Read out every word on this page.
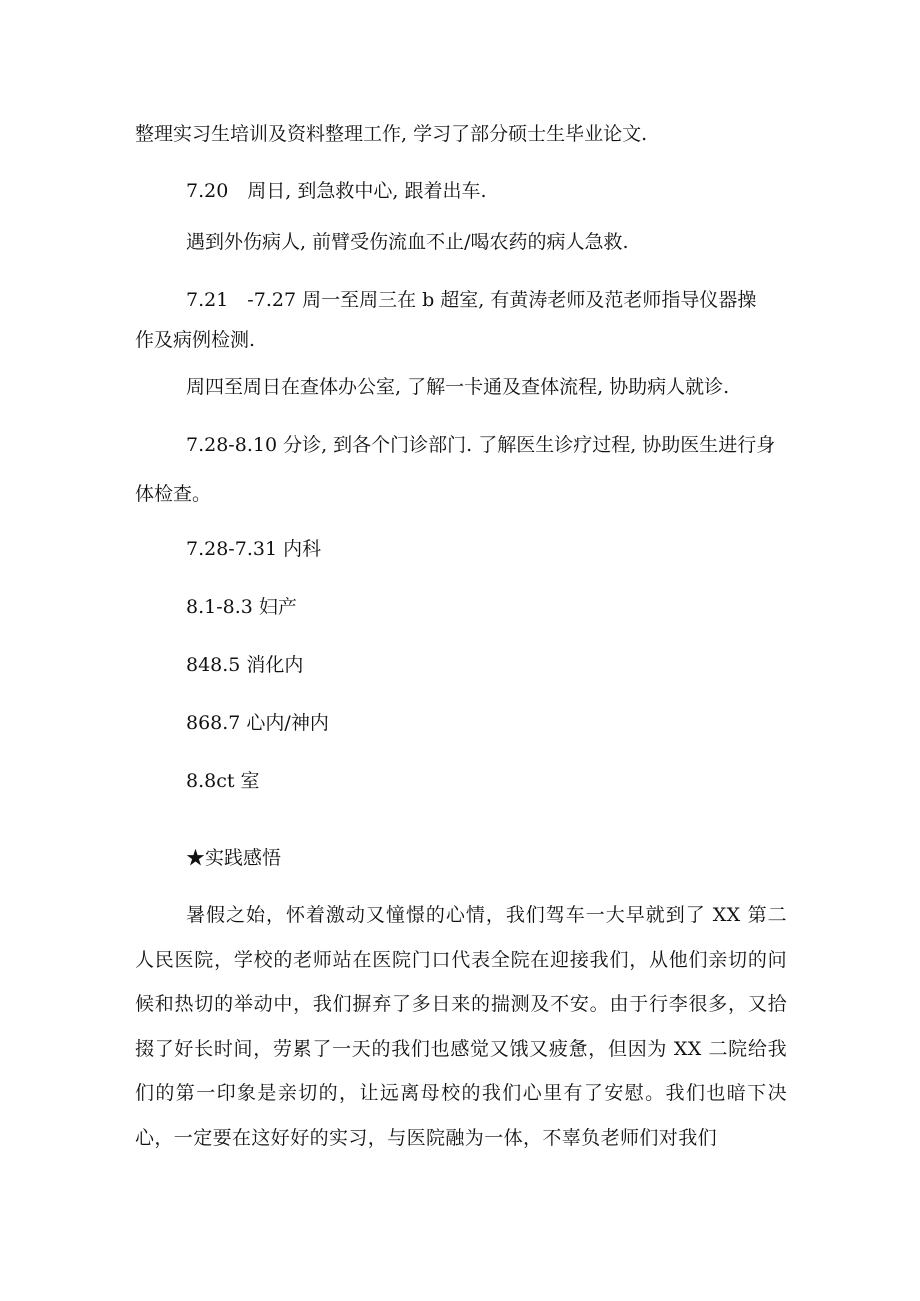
整理实习生培训及资料整理工作, 学习了部分硕士生毕业论文.
7.20　周日, 到急救中心, 跟着出车.
遇到外伤病人, 前臂受伤流血不止/喝农药的病人急救.
7.21　-7.27 周一至周三在 b 超室, 有黄涛老师及范老师指导仪器操
作及病例检测.
周四至周日在查体办公室, 了解一卡通及查体流程, 协助病人就诊.
7.28-8.10 分诊, 到各个门诊部门. 了解医生诊疗过程, 协助医生进行身
体检查。
7.28-7.31 内科
8.1-8.3 妇产
848.5 消化内
868.7 心内/神内
8.8ct 室
★实践感悟
暑假之始，怀着激动又憧憬的心情，我们驾车一大早就到了 XX 第二人民医院，学校的老师站在医院门口代表全院在迎接我们，从他们亲切的问候和热切的举动中，我们摒弃了多日来的揣测及不安。由于行李很多，又拾掇了好长时间，劳累了一天的我们也感觉又饿又疲惫，但因为 XX 二院给我们的第一印象是亲切的，让远离母校的我们心里有了安慰。我们也暗下决心，一定要在这好好的实习，与医院融为一体，不辜负老师们对我们
